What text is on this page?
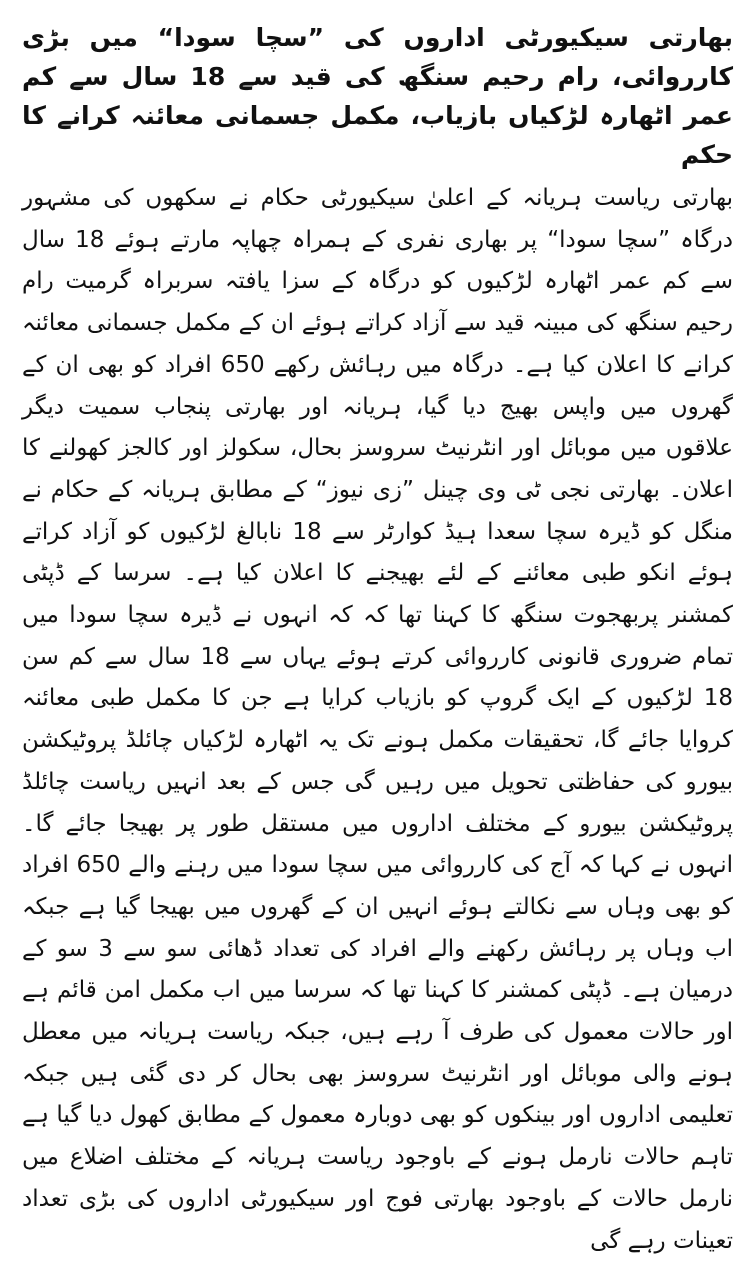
بھارتی سیکیورٹی اداروں کی ”سچا سودا“ میں بڑی کارروائی، رام رحیم سنگھ کی قید سے 18 سال سے کم عمر اٹھارہ لڑکیاں بازیاب، مکمل جسمانی معائنہ کرانے کا حکم

بھارتی ریاست ہریانہ کے اعلیٰ سیکیورٹی حکام نے سکھوں کی مشہور درگاہ ”سچا سودا“ پر بھاری نفری کے ہمراہ چھاپہ مارتے ہوئے 18 سال سے کم عمر اٹھارہ لڑکیوں کو درگاہ کے سزا یافتہ سربراہ گرمیت رام رحیم سنگھ کی مبینہ قید سے آزاد کراتے ہوئے ان کے مکمل جسمانی معائنہ کرانے کا اعلان کیا ہے۔ درگاہ میں رہائش رکھے 650 افراد کو بھی ان کے گھروں میں واپس بھیج دیا گیا، ہریانہ اور بھارتی پنجاب سمیت دیگر علاقوں میں موبائل اور انٹرنیٹ سروسز بحال، سکولز اور کالجز کھولنے کا اعلان۔ بھارتی نجی ٹی وی چینل ”زی نیوز“ کے مطابق ہریانہ کے حکام نے منگل کو ڈیرہ سچا سعدا ہیڈ کوارٹر سے 18 نابالغ لڑکیوں کو آزاد کراتے ہوئے انکو طبی معائنے کے لئے بھیجنے کا اعلان کیا ہے۔ سرسا کے ڈپٹی کمشنر پربھجوت سنگھ کا کہنا تھا کہ کہ انہوں نے ڈیرہ سچا سودا میں تمام ضروری قانونی کارروائی کرتے ہوئے یہاں سے 18 سال سے کم سن 18 لڑکیوں کے ایک گروپ کو بازیاب کرایا ہے جن کا مکمل طبی معائنہ کروایا جائے گا، تحقیقات مکمل ہونے تک یہ اٹھارہ لڑکیاں چائلڈ پروٹیکشن بیورو کی حفاظتی تحویل میں رہیں گی جس کے بعد انہیں ریاست چائلڈ پروٹیکشن بیورو کے مختلف اداروں میں مستقل طور پر بھیجا جائے گا۔ انہوں نے کہا کہ آج کی کارروائی میں سچا سودا میں رہنے والے 650 افراد کو بھی وہاں سے نکالتے ہوئے انہیں ان کے گھروں میں بھیجا گیا ہے جبکہ اب وہاں پر رہائش رکھنے والے افراد کی تعداد ڈھائی سو سے 3 سو کے درمیان ہے۔ ڈپٹی کمشنر کا کہنا تھا کہ سرسا میں اب مکمل امن قائم ہے اور حالات معمول کی طرف آ رہے ہیں، جبکہ ریاست ہریانہ میں معطل ہونے والی موبائل اور انٹرنیٹ سروسز بھی بحال کر دی گئی ہیں جبکہ تعلیمی اداروں اور بینکوں کو بھی دوبارہ معمول کے مطابق کھول دیا گیا ہے تاہم حالات نارمل ہونے کے باوجود ریاست ہریانہ کے مختلف اضلاع میں نارمل حالات کے باوجود بھارتی فوج اور سیکیورٹی اداروں کی بڑی تعداد تعینات رہے گی
